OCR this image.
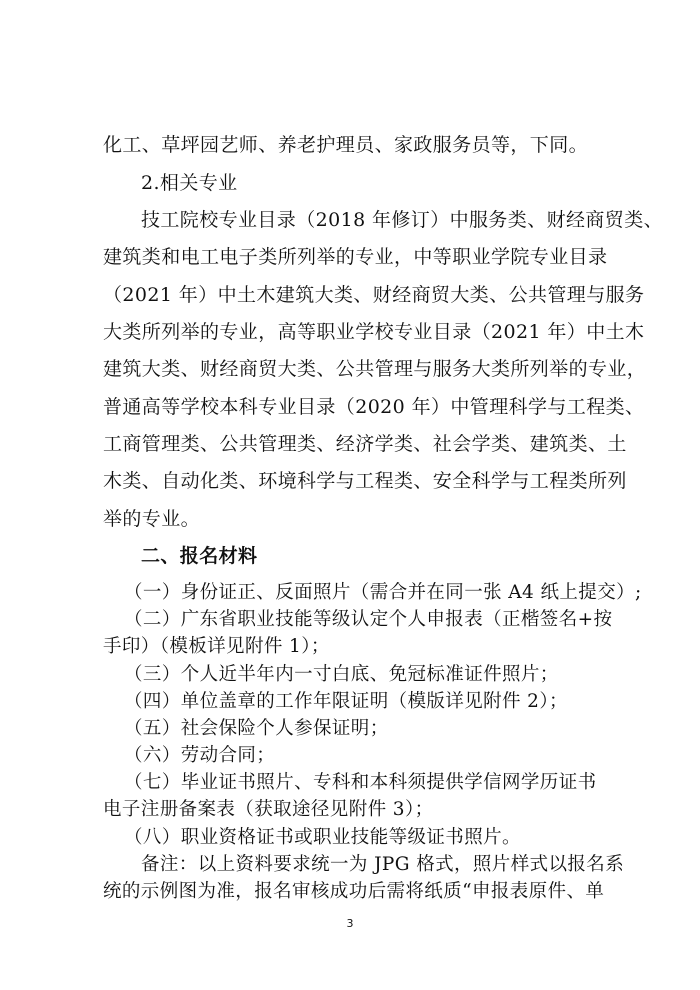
3
化工、草坪园艺师、养老护理员、家政服务员等，下同。
2.相关专业
技工院校专业目录（2018 年修订）中服务类、财经商贸类、
建筑类和电工电子类所列举的专业，中等职业学院专业目录
（2021 年）中土木建筑大类、财经商贸大类、公共管理与服务
大类所列举的专业，高等职业学校专业目录（2021 年）中土木
建筑大类、财经商贸大类、公共管理与服务大类所列举的专业，
普通高等学校本科专业目录（2020 年）中管理科学与工程类、
工商管理类、公共管理类、经济学类、社会学类、建筑类、土
木类、自动化类、环境科学与工程类、安全科学与工程类所列
举的专业。
二、报名材料
（一）身份证正、反面照片（需合并在同一张 A4 纸上提交）;
（二）广东省职业技能等级认定个人申报表（正楷签名+按
手印）（模板详见附件 1）；
（三）个人近半年内一寸白底、免冠标准证件照片；
（四）单位盖章的工作年限证明（模版详见附件 2）；
（五）社会保险个人参保证明；
（六）劳动合同；
（七）毕业证书照片、专科和本科须提供学信网学历证书
电子注册备案表（获取途径见附件 3）；
（八）职业资格证书或职业技能等级证书照片。
备注：以上资料要求统一为 JPG 格式，照片样式以报名系
统的示例图为准，报名审核成功后需将纸质“申报表原件、单
